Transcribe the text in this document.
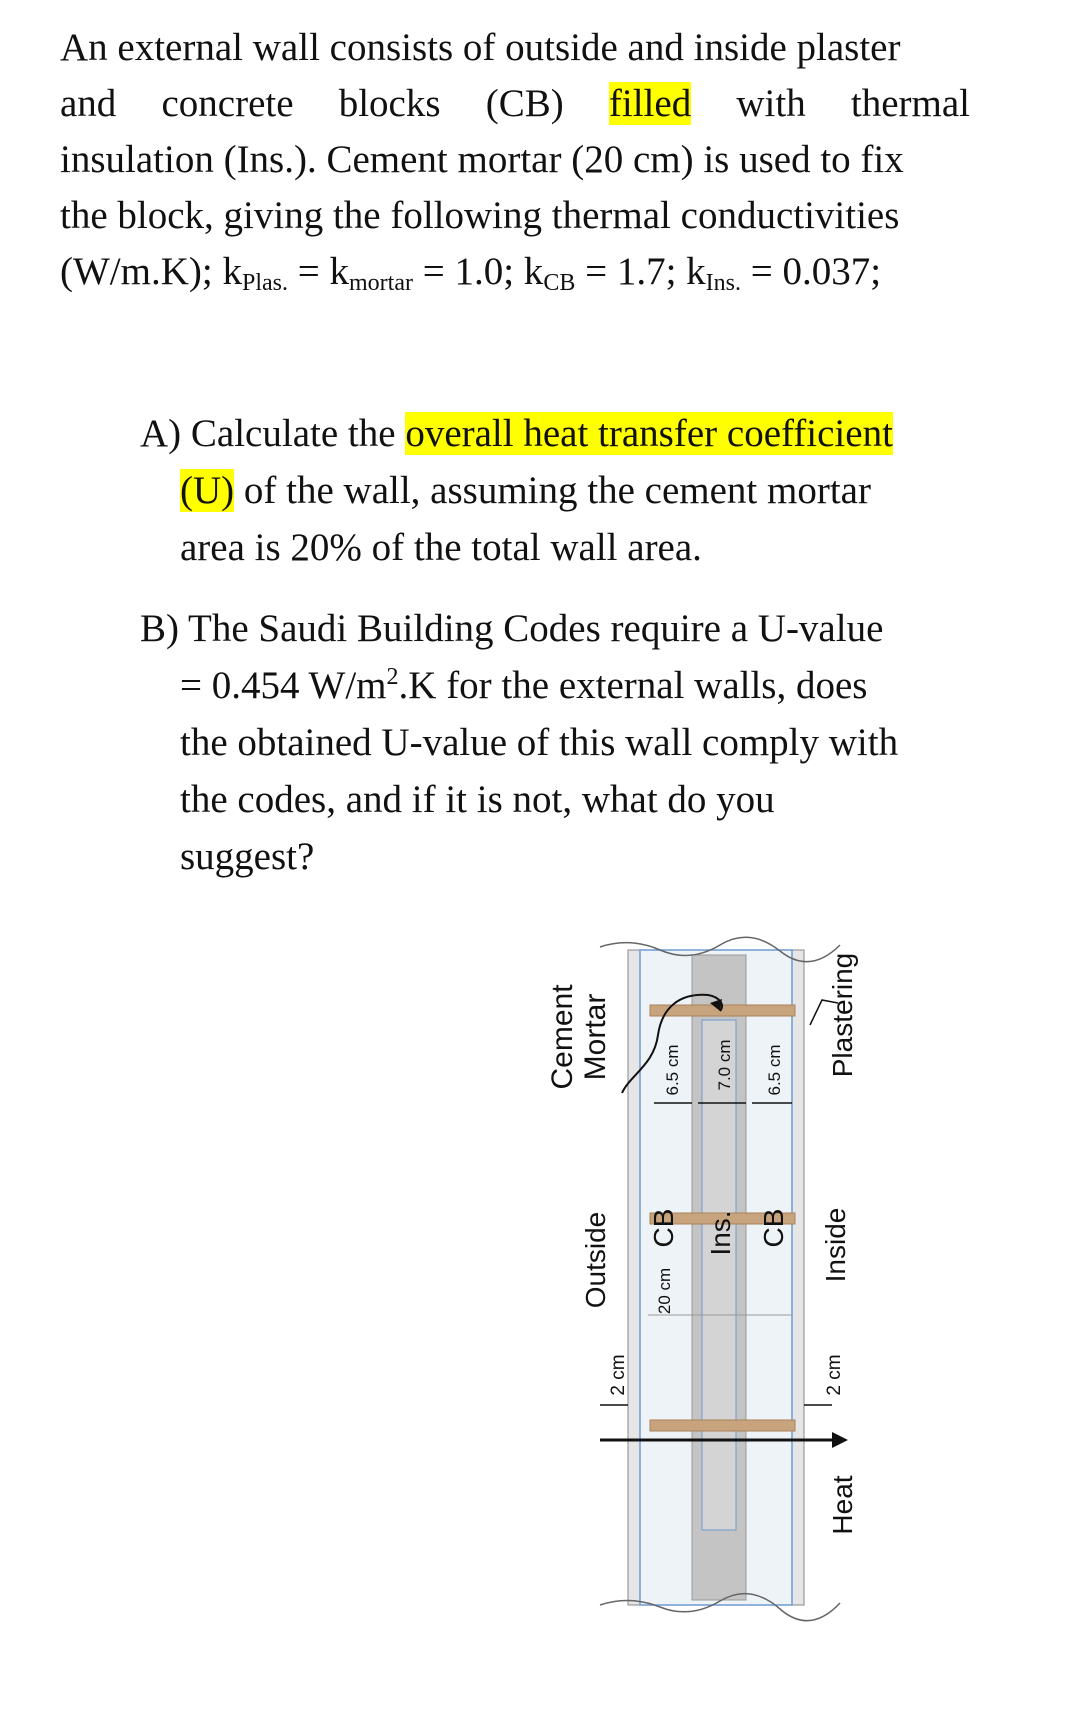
An external wall consists of outside and inside plaster
and concrete blocks (CB) filled with thermal
insulation (Ins.). Cement mortar (20 cm) is used to fix
the block, giving the following thermal conductivities
(W/m.K); $k_{Plas.} = k_{mortar} = 1.0$; $k_{CB} = 1.7$; $k_{Ins.} = 0.037$;
A) Calculate the overall heat transfer coefficient
(U) of the wall, assuming the cement mortar
area is 20% of the total wall area.
B) The Saudi Building Codes require a U-value
= 0.454 $W/m^2.K$ for the external walls, does
the obtained U-value of this wall comply with
the codes, and if it is not, what do you
suggest?
Cement Mortar
Outside	Inside
Plastering
Heat
2 cm	2 cm
20 cm
CB Ins. CB
6.5 cm 7.0 cm 6.5 cm
